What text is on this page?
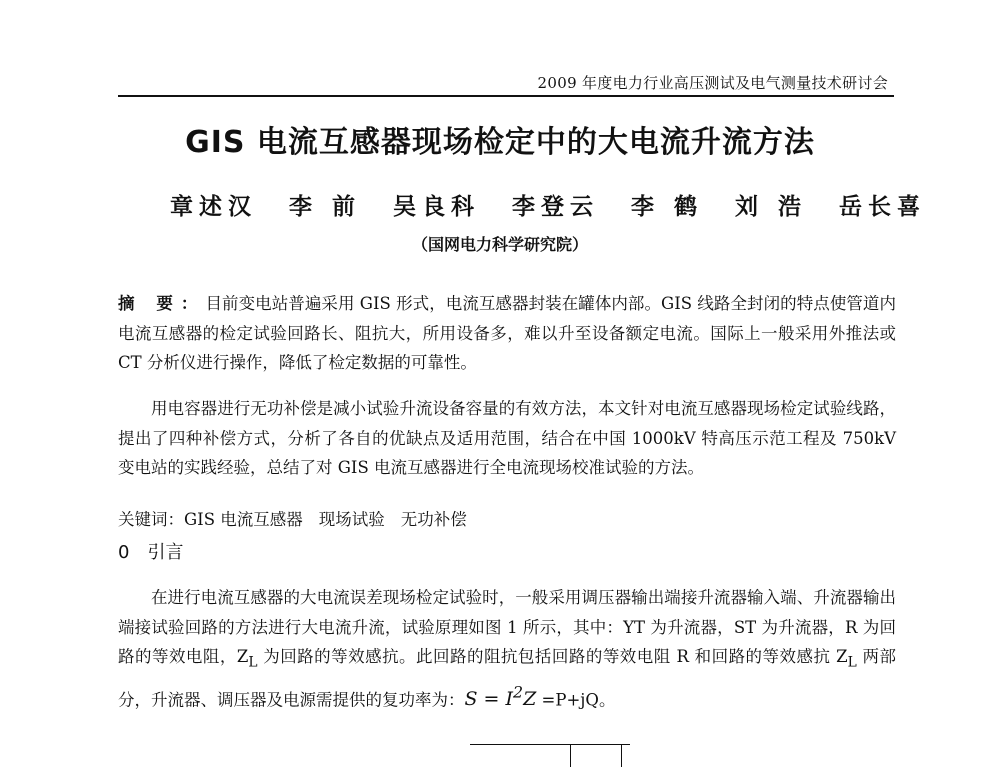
2009 年度电力行业高压测试及电气测量技术研讨会
GIS 电流互感器现场检定中的大电流升流方法
章述汉 李 前 吴良科 李登云 李 鹤 刘 浩 岳长喜
（国网电力科学研究院）
摘 要：目前变电站普遍采用 GIS 形式，电流互感器封装在罐体内部。GIS 线路全封闭的特点使管道内电流互感器的检定试验回路长、阻抗大，所用设备多，难以升至设备额定电流。国际上一般采用外推法或 CT 分析仪进行操作，降低了检定数据的可靠性。
用电容器进行无功补偿是减小试验升流设备容量的有效方法，本文针对电流互感器现场检定试验线路，提出了四种补偿方式，分析了各自的优缺点及适用范围，结合在中国 1000kV 特高压示范工程及 750kV 变电站的实践经验，总结了对 GIS 电流互感器进行全电流现场校准试验的方法。
关键词：GIS 电流互感器 现场试验 无功补偿
0 引言
在进行电流互感器的大电流误差现场检定试验时，一般采用调压器输出端接升流器输入端、升流器输出端接试验回路的方法进行大电流升流，试验原理如图 1 所示，其中：YT 为升流器，ST 为升流器，R 为回路的等效电阻，$Z_L$ 为回路的等效感抗。此回路的阻抗包括回路的等效电阻 R 和回路的等效感抗 $Z_L$ 两部分，升流器、调压器及电源需提供的复功率为：$S = I^2Z =P+jQ$。
